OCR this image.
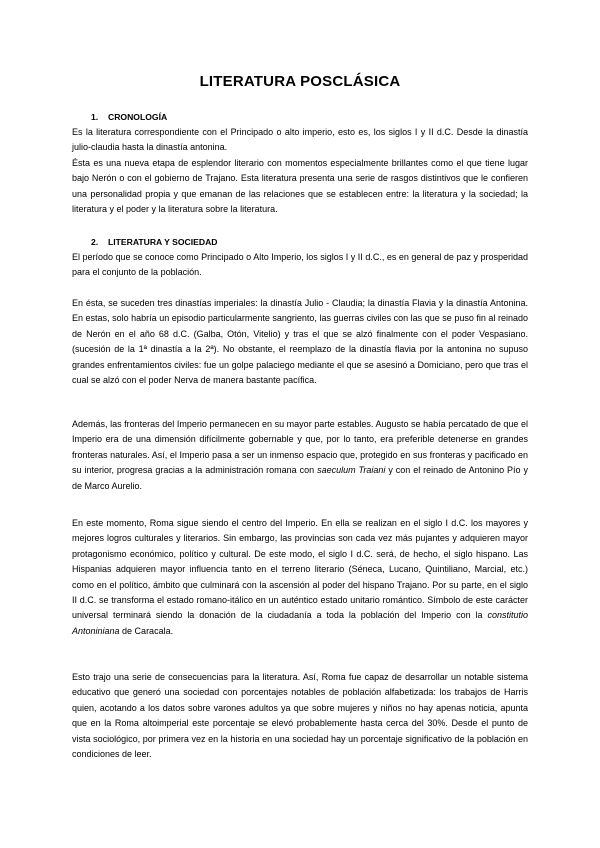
LITERATURA POSCLÁSICA
1. CRONOLOGÍA

Es la literatura correspondiente con el Principado o alto imperio, esto es, los siglos I y II d.C. Desde la dinastía julio-claudia hasta la dinastía antonina.

Ésta es una nueva etapa de esplendor literario con momentos especialmente brillantes como el que tiene lugar bajo Nerón o con el gobierno de Trajano. Esta literatura presenta una serie de rasgos distintivos que le confieren una personalidad propia y que emanan de las relaciones que se establecen entre: la literatura y la sociedad; la literatura y el poder y la literatura sobre la literatura.

2. LITERATURA Y SOCIEDAD
El período que se conoce como Principado o Alto Imperio, los siglos I y II d.C., es en general de paz y prosperidad para el conjunto de la población.
En ésta, se suceden tres dinastías imperiales: la dinastía Julio - Claudia; la dinastía Flavia y la dinastía Antonina. En estas, solo habría un episodio particularmente sangriento, las guerras civiles con las que se puso fin al reinado de Nerón en el año 68 d.C. (Galba, Otón, Vitelio) y tras el que se alzó finalmente con el poder Vespasiano. (sucesión de la 1ª dinastía a la 2ª). No obstante, el reemplazo de la dinastía flavia por la antonina no supuso grandes enfrentamientos civiles: fue un golpe palaciego mediante el que se asesinó a Domiciano, pero que tras el cual se alzó con el poder Nerva de manera bastante pacífica.
Además, las fronteras del Imperio permanecen en su mayor parte estables. Augusto se había percatado de que el Imperio era de una dimensión difícilmente gobernable y que, por lo tanto, era preferible detenerse en grandes fronteras naturales. Así, el Imperio pasa a ser un inmenso espacio que, protegido en sus fronteras y pacificado en su interior, progresa gracias a la administración romana con saeculum Traiani y con el reinado de Antonino Pío y de Marco Aurelio.
En este momento, Roma sigue siendo el centro del Imperio. En ella se realizan en el siglo I d.C. los mayores y mejores logros culturales y literarios. Sin embargo, las provincias son cada vez más pujantes y adquieren mayor protagonismo económico, político y cultural. De este modo, el siglo I d.C. será, de hecho, el siglo hispano. Las Hispanias adquieren mayor influencia tanto en el terreno literario (Séneca, Lucano, Quintiliano, Marcial, etc.) como en el político, ámbito que culminará con la ascensión al poder del hispano Trajano. Por su parte, en el siglo II d.C. se transforma el estado romano-itálico en un auténtico estado unitario romántico. Símbolo de este carácter universal terminará siendo la donación de la ciudadanía a toda la población del Imperio con la constitutio Antoniniana de Caracala.
Esto trajo una serie de consecuencias para la literatura. Así, Roma fue capaz de desarrollar un notable sistema educativo que generó una sociedad con porcentajes notables de población alfabetizada: los trabajos de Harris quien, acotando a los datos sobre varones adultos ya que sobre mujeres y niños no hay apenas noticia, apunta que en la Roma altoimperial este porcentaje se elevó probablemente hasta cerca del 30%. Desde el punto de vista sociológico, por primera vez en la historia en una sociedad hay un porcentaje significativo de la población en condiciones de leer.
